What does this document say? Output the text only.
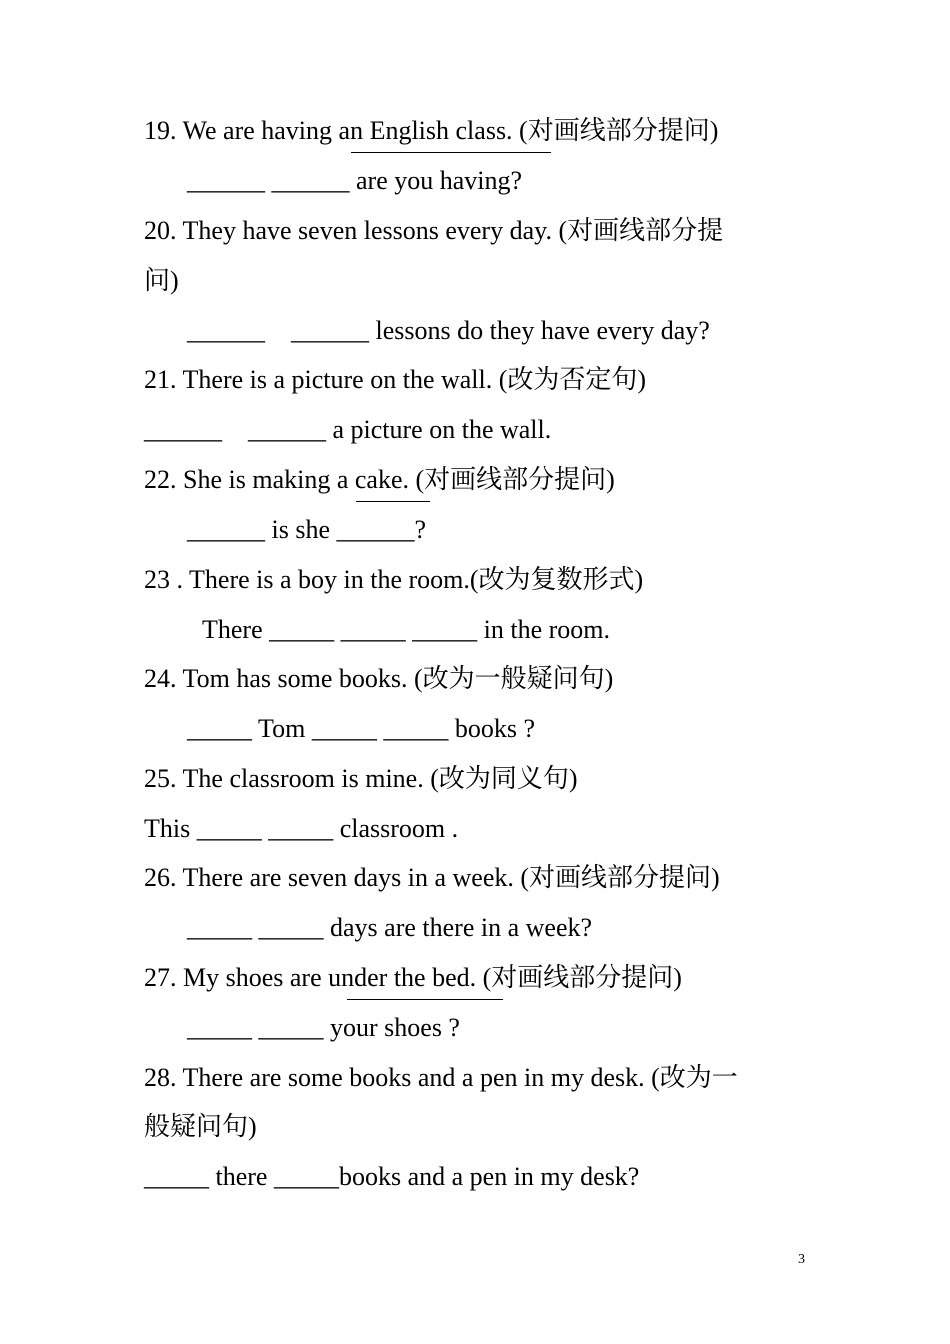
19. We are having an English class. (对画线部分提问)
______ ______ are you having?
20. They have seven lessons every day. (对画线部分提
问)
______    ______ lessons do they have every day?
21. There is a picture on the wall. (改为否定句)
______    ______ a picture on the wall.
22. She is making a cake. (对画线部分提问)
______ is she ______?
23 . There is a boy in the room.(改为复数形式)
There _____ _____ _____ in the room.
24. Tom has some books. (改为一般疑问句)
_____ Tom _____ _____ books ?
25. The classroom is mine. (改为同义句)
This _____ _____ classroom .
26. There are seven days in a week. (对画线部分提问)
_____ _____ days are there in a week?
27. My shoes are under the bed. (对画线部分提问)
_____ _____ your shoes ?
28. There are some books and a pen in my desk. (改为一
般疑问句)
_____ there _____books and a pen in my desk?
3
